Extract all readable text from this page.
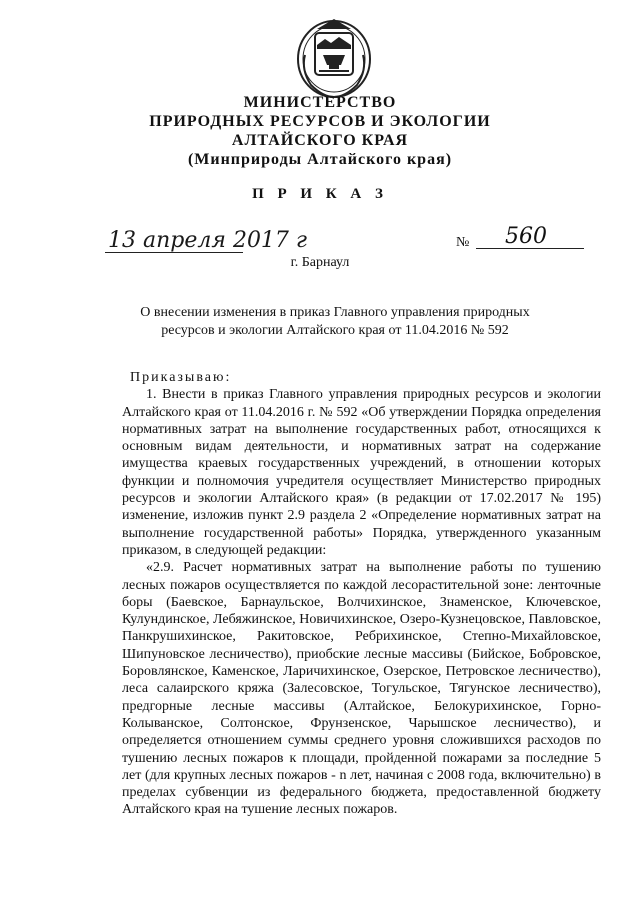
МИНИСТЕРСТВО
ПРИРОДНЫХ РЕСУРСОВ И ЭКОЛОГИИ
АЛТАЙСКОГО КРАЯ
(Минприроды Алтайского края)
П Р И К А З
13 апреля 2017 г	№ 560
г. Барнаул
О внесении изменения в приказ Главного управления природных ресурсов и экологии Алтайского края от 11.04.2016 № 592

Приказываю:

1. Внести в приказ Главного управления природных ресурсов и экологии Алтайского края от 11.04.2016 г. № 592 «Об утверждении Порядка определения нормативных затрат на выполнение государственных работ, относящихся к основным видам деятельности, и нормативных затрат на содержание имущества краевых государственных учреждений, в отношении которых функции и полномочия учредителя осуществляет Министерство природных ресурсов и экологии Алтайского края» (в редакции от 17.02.2017 № 195) изменение, изложив пункт 2.9 раздела 2 «Определение нормативных затрат на выполнение государственной работы» Порядка, утвержденного указанным приказом, в следующей редакции:

«2.9. Расчет нормативных затрат на выполнение работы по тушению лесных пожаров осуществляется по каждой лесорастительной зоне: ленточные боры (Баевское, Барнаульское, Волчихинское, Знаменское, Ключевское, Кулундинское, Лебяжинское, Новичихинское, Озеро-Кузнецовское, Павловское, Панкрушихинское, Ракитовское, Ребрихинское, Степно-Михайловское, Шипуновское лесничество), приобские лесные массивы (Бийское, Бобровское, Боровлянское, Каменское, Ларичихинское, Озерское, Петровское лесничество), леса салаирского кряжа (Залесовское, Тогульское, Тягунское лесничество), предгорные лесные массивы (Алтайское, Белокурихинское, Горно-Колыванское, Солтонское, Фрунзенское, Чарышское лесничество), и определяется отношением суммы среднего уровня сложившихся расходов по тушению лесных пожаров к площади, пройденной пожарами за последние 5 лет (для крупных лесных пожаров - n лет, начиная с 2008 года, включительно) в пределах субвенции из федерального бюджета, предоставленной бюджету Алтайского края на тушение лесных пожаров.
